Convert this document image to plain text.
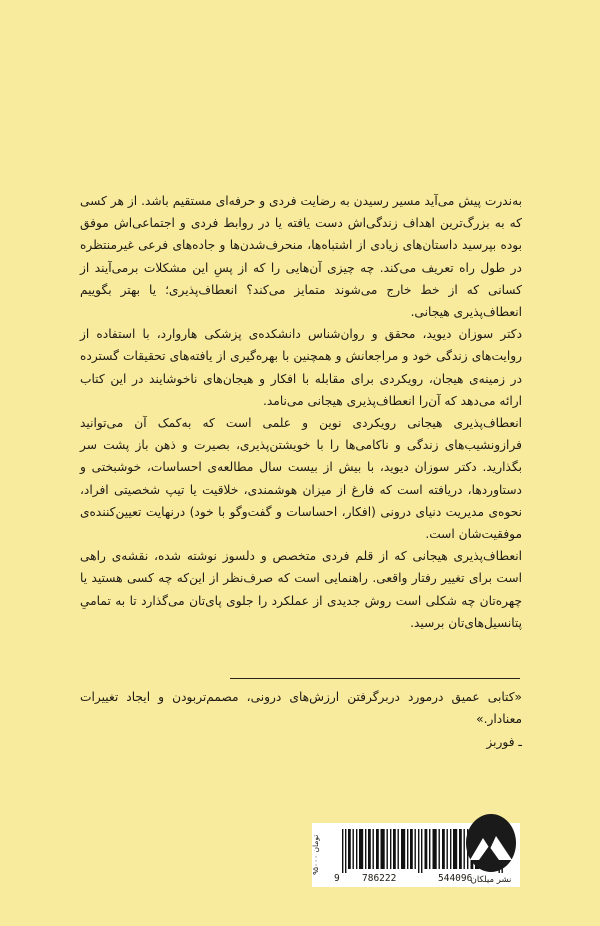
به‌ندرت پیش می‌آید مسیر رسیدن به رضایت فردی و حرفه‌ای مستقیم باشد. از هر کسی که به بزرگ‌ترین اهداف زندگی‌اش دست یافته یا در روابط فردی و اجتماعی‌اش موفق بوده بپرسید داستان‌های زیادی از اشتباه‌ها، منحرف‌شدن‌ها و جاده‌های فرعی غیرمنتظره در طول راه تعریف می‌کند. چه چیزی آن‌هایی را که از پسِ این مشکلات برمی‌آیند از کسانی که از خط خارج می‌شوند متمایز می‌کند؟ انعطاف‌پذیری؛ یا بهتر بگوییم انعطاف‌پذیری هیجانی.

دکتر سوزان دیوید، محقق و روان‌شناس دانشکده‌ی پزشکی هاروارد، با استفاده از روایت‌های زندگی خود و مراجعانش و همچنین با بهره‌گیری از یافته‌های تحقیقات گسترده در زمینه‌ی هیجان، رویکردی برای مقابله با افکار و هیجان‌های ناخوشایند در این کتاب ارائه می‌دهد که آن‌را انعطاف‌پذیری هیجانی می‌نامد.

انعطاف‌پذیری هیجانی رویکردی نوین و علمی است که به‌کمک آن می‌توانید فرازونشیب‌های زندگی و ناکامی‌ها را با خویشتن‌پذیری، بصیرت و ذهن باز پشت سر بگذارید. دکتر سوزان دیوید، با بیش از بیست سال مطالعه‌ی احساسات، خوشبختی و دستاوردها، دریافته است که فارغ از میزان هوشمندی، خلاقیت یا تیپ شخصیتی افراد، نحوه‌ی مدیریت دنیای درونی (افکار، احساسات و گفت‌وگو با خود) درنهایت تعیین‌کننده‌ی موفقیت‌شان است.

انعطاف‌پذیری هیجانی که از قلم فردی متخصص و دلسوز نوشته شده، نقشه‌ی راهی است برای تغییر رفتار واقعی. راهنمایی است که صرف‌نظر از این‌که چه کسی هستید یا چهره‌تان چه شکلی است روش جدیدی از عملکرد را جلوی پای‌تان می‌گذارد تا به تمامیِ پتانسیل‌های‌تان برسید.

«کتابی عمیق درمورد دربرگرفتن ارزش‌های درونی، مصمم‌تربودن و ایجاد تغییرات معنادار.»

ـ فوربز

۹۵۰۰۰ تومان
9 786222	544096
نشر میلکان
